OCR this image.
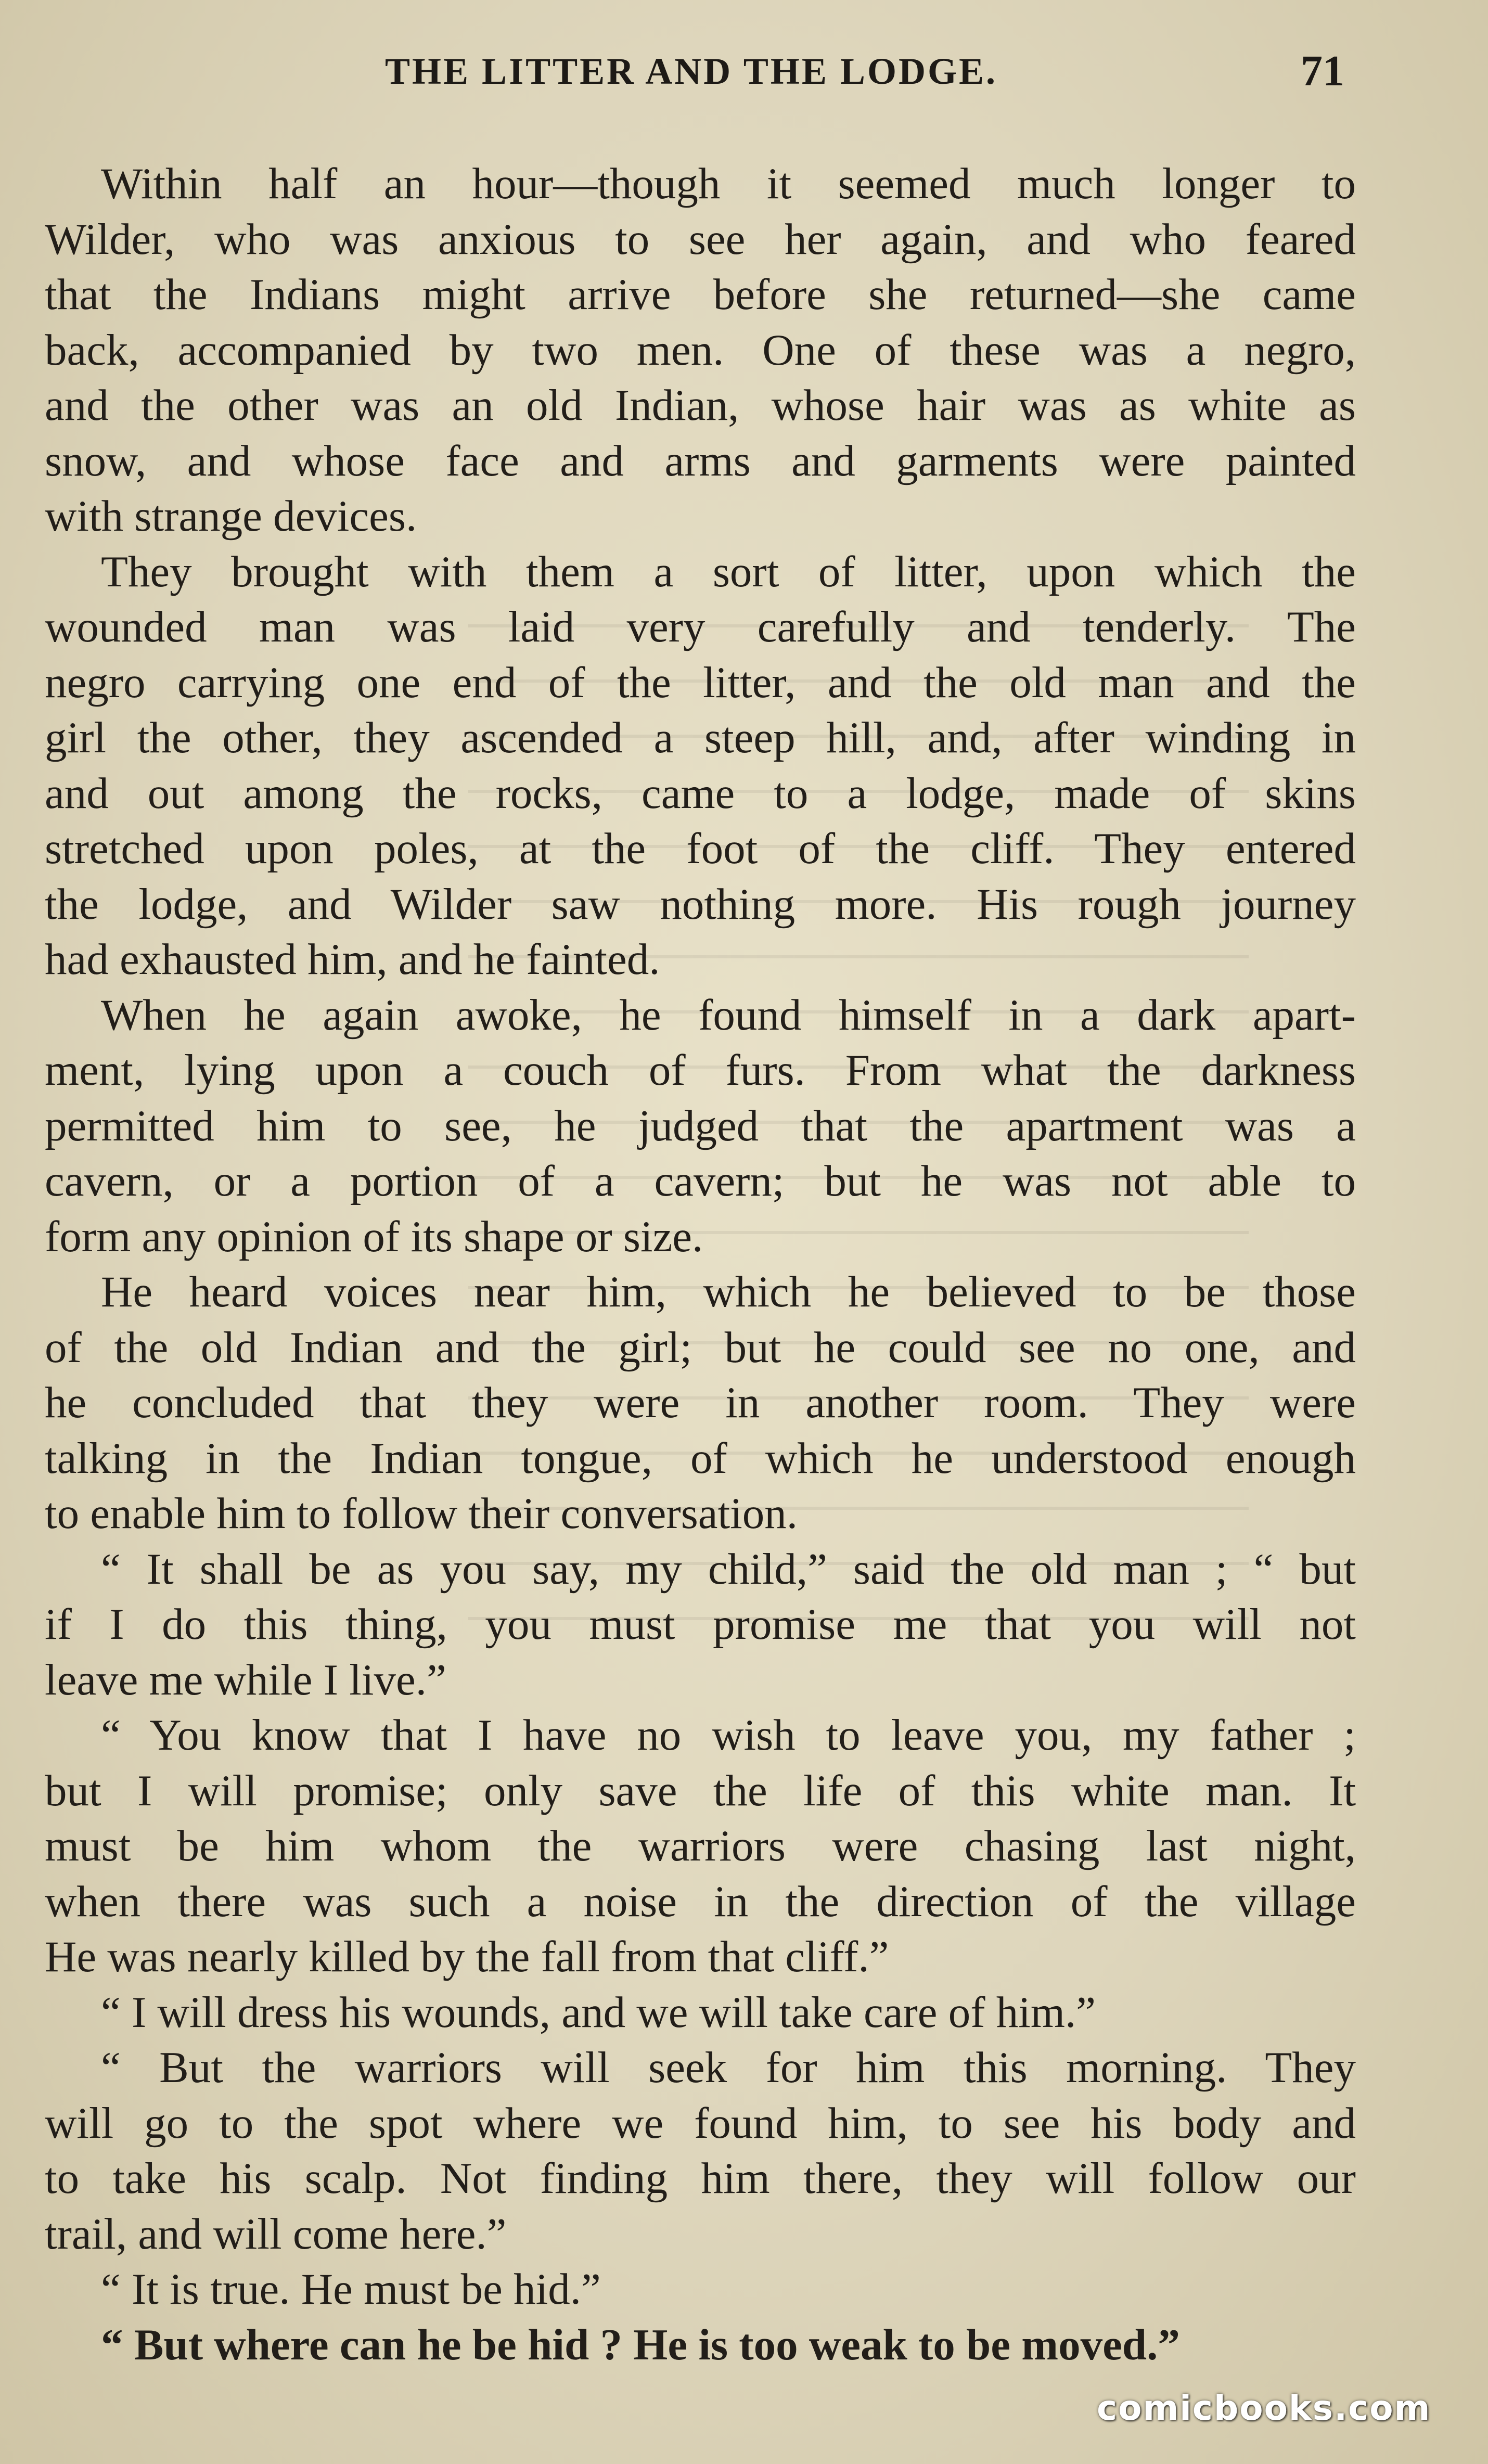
THE LITTER AND THE LODGE.	71
Within half an hour—though it seemed much longer to
Wilder, who was anxious to see her again, and who feared
that the Indians might arrive before she returned—she came
back, accompanied by two men. One of these was a negro,
and the other was an old Indian, whose hair was as white as
snow, and whose face and arms and garments were painted
with strange devices.
They brought with them a sort of litter, upon which the
wounded man was laid very carefully and tenderly. The
negro carrying one end of the litter, and the old man and the
girl the other, they ascended a steep hill, and, after winding in
and out among the rocks, came to a lodge, made of skins
stretched upon poles, at the foot of the cliff. They entered
the lodge, and Wilder saw nothing more. His rough journey
had exhausted him, and he fainted.
When he again awoke, he found himself in a dark apart-
ment, lying upon a couch of furs. From what the darkness
permitted him to see, he judged that the apartment was a
cavern, or a portion of a cavern; but he was not able to
form any opinion of its shape or size.
He heard voices near him, which he believed to be those
of the old Indian and the girl; but he could see no one, and
he concluded that they were in another room. They were
talking in the Indian tongue, of which he understood enough
to enable him to follow their conversation.
“ It shall be as you say, my child,” said the old man ; “ but
if I do this thing, you must promise me that you will not
leave me while I live.”
“ You know that I have no wish to leave you, my father ;
but I will promise; only save the life of this white man. It
must be him whom the warriors were chasing last night,
when there was such a noise in the direction of the village
He was nearly killed by the fall from that cliff.”
“ I will dress his wounds, and we will take care of him.”
“ But the warriors will seek for him this morning. They
will go to the spot where we found him, to see his body and
to take his scalp. Not finding him there, they will follow our
trail, and will come here.”
“ It is true. He must be hid.”
“ But where can he be hid ? He is too weak to be moved.”
comicbooks.com
